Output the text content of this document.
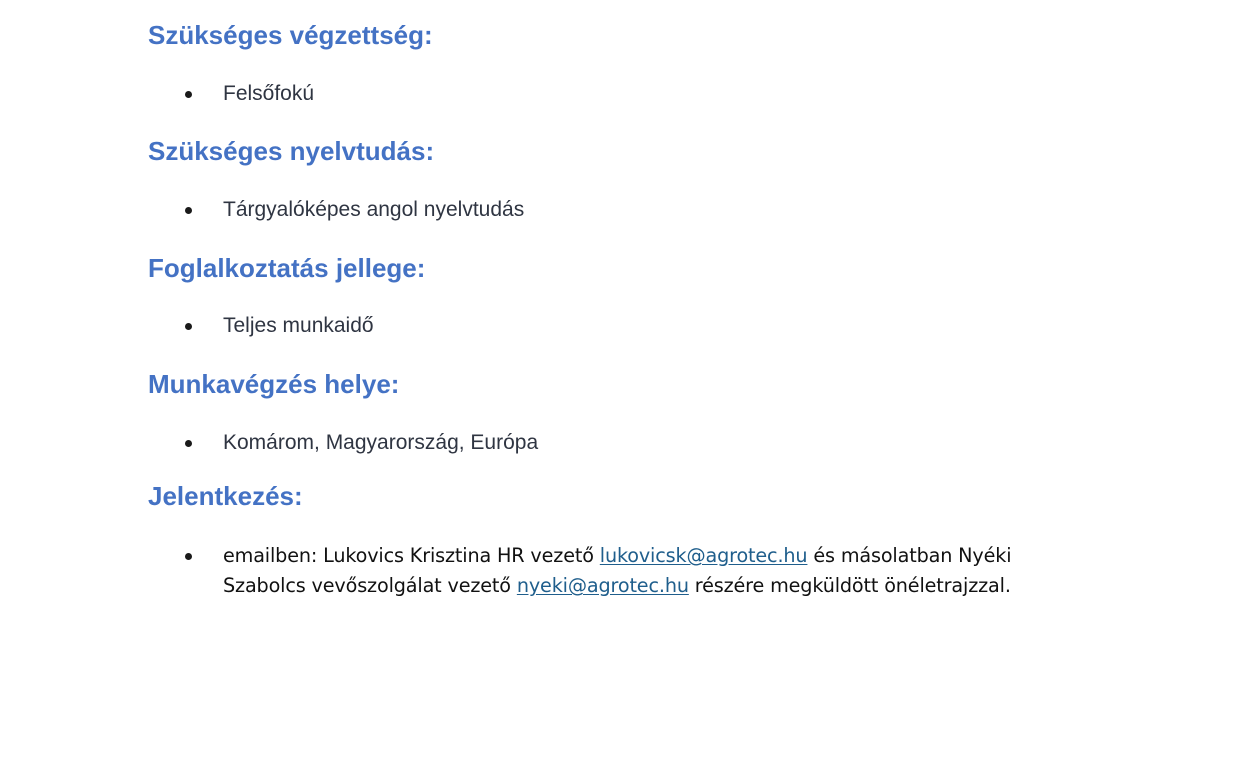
Szükséges végzettség:
Felsőfokú
Szükséges nyelvtudás:
Tárgyalóképes angol nyelvtudás
Foglalkoztatás jellege:
Teljes munkaidő
Munkavégzés helye:
Komárom, Magyarország, Európa
Jelentkezés:
emailben: Lukovics Krisztina HR vezető lukovicsk@agrotec.hu és másolatban Nyéki Szabolcs vevőszolgálat vezető nyeki@agrotec.hu részére megküldött önéletrajzzal.
